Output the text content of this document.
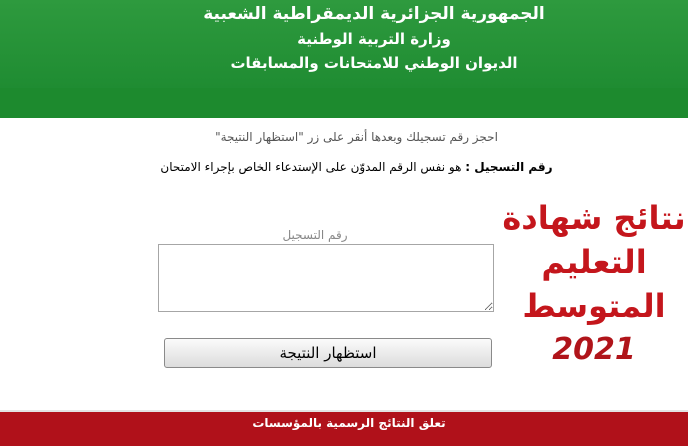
الجمهورية الجزائرية الديمقراطية الشعبية
وزارة التربية الوطنية
الديوان الوطني للامتحانات والمسابقات
احجز رقم تسجيلك وبعدها أنقر على زر "استظهار النتيجة"
رقم التسجيل : هو نفس الرقم المدوّن على الإستدعاء الخاص بإجراء الامتحان
رقم التسجيل
استظهار النتيجة
نتائج شهادة
التعليم
المتوسط
2021
تعلق النتائج الرسمية بالمؤسسات
